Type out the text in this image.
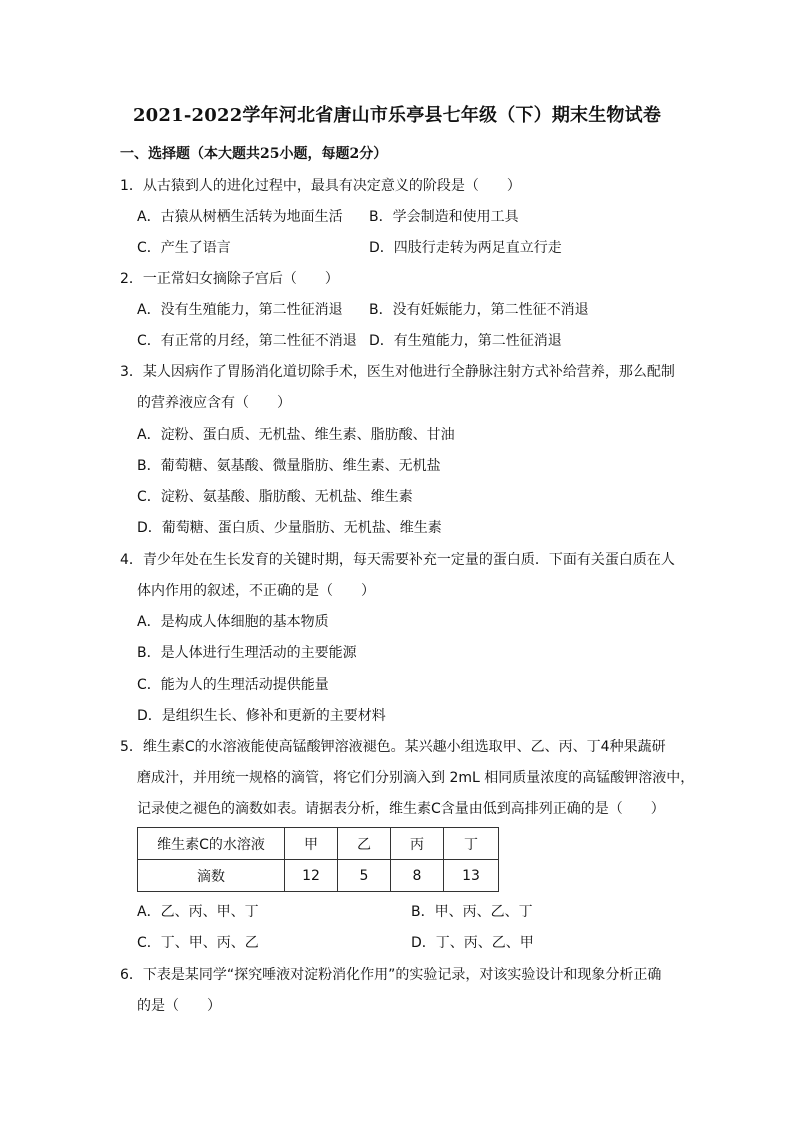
2021-2022学年河北省唐山市乐亭县七年级（下）期末生物试卷
一、选择题（本大题共25小题，每题2分）
1．从古猿到人的进化过程中，最具有决定意义的阶段是（　　）
A．古猿从树栖生活转为地面生活 B．学会制造和使用工具
C．产生了语言	D．四肢行走转为两足直立行走
2．一正常妇女摘除子宫后（　　）
A．没有生殖能力，第二性征消退 B．没有妊娠能力，第二性征不消退
C．有正常的月经，第二性征不消退 D．有生殖能力，第二性征消退
3．某人因病作了胃肠消化道切除手术，医生对他进行全静脉注射方式补给营养，那么配制
的营养液应含有（　　）
A．淀粉、蛋白质、无机盐、维生素、脂肪酸、甘油
B．葡萄糖、氨基酸、微量脂肪、维生素、无机盐
C．淀粉、氨基酸、脂肪酸、无机盐、维生素
D．葡萄糖、蛋白质、少量脂肪、无机盐、维生素
4．青少年处在生长发育的关键时期，每天需要补充一定量的蛋白质．下面有关蛋白质在人
体内作用的叙述，不正确的是（　　）
A．是构成人体细胞的基本物质
B．是人体进行生理活动的主要能源
C．能为人的生理活动提供能量
D．是组织生长、修补和更新的主要材料
5．维生素C的水溶液能使高锰酸钾溶液褪色。某兴趣小组选取甲、乙、丙、丁4种果蔬研
磨成汁，并用统一规格的滴管，将它们分别滴入到 2mL 相同质量浓度的高锰酸钾溶液中，
记录使之褪色的滴数如表。请据表分析，维生素C含量由低到高排列正确的是（　　）
维生素C的水溶液	甲	乙	丙	丁
滴数	12	5	8	13
A．乙、丙、甲、丁	B．甲、丙、乙、丁
C．丁、甲、丙、乙	D．丁、丙、乙、甲
6．下表是某同学“探究唾液对淀粉消化作用”的实验记录，对该实验设计和现象分析正确
的是（　　）
